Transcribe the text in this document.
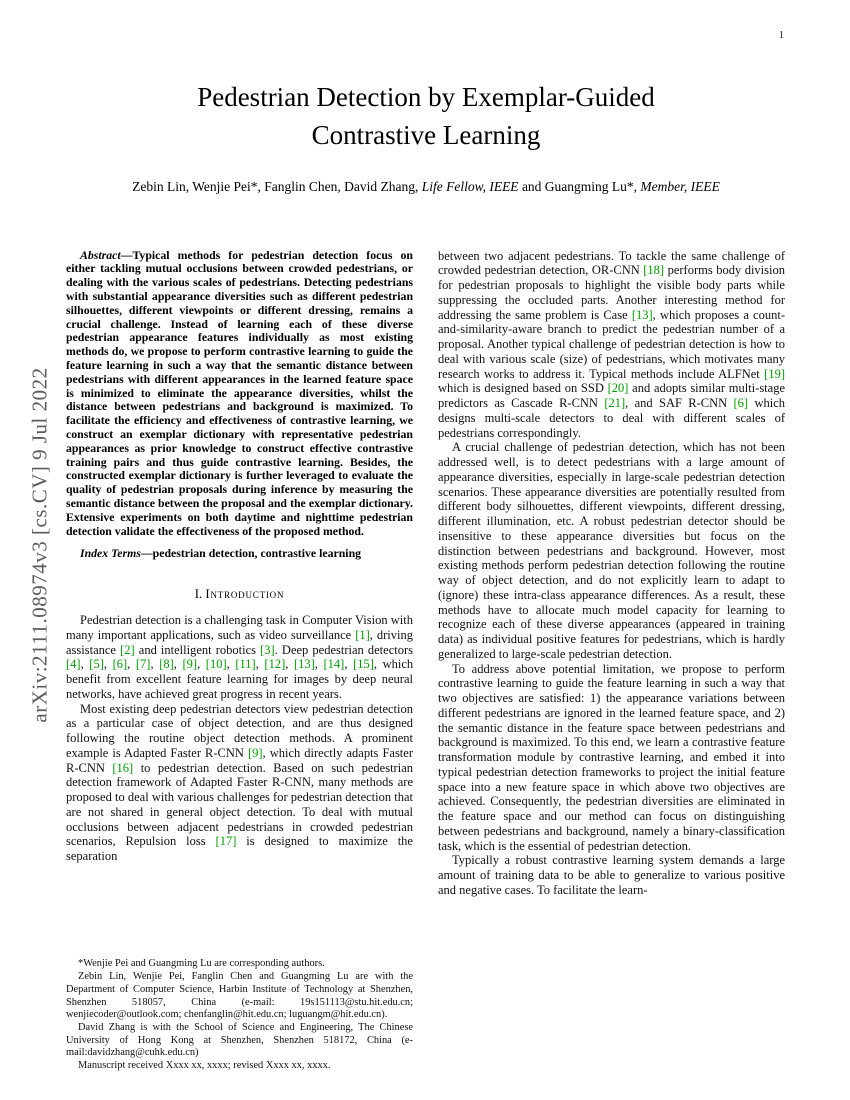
1
arXiv:2111.08974v3 [cs.CV] 9 Jul 2022
Pedestrian Detection by Exemplar-Guided
Contrastive Learning
Zebin Lin, Wenjie Pei*, Fanglin Chen, David Zhang, Life Fellow, IEEE and Guangming Lu*, Member, IEEE

Abstract—Typical methods for pedestrian detection focus on either tackling mutual occlusions between crowded pedestrians, or dealing with the various scales of pedestrians. Detecting pedestrians with substantial appearance diversities such as different pedestrian silhouettes, different viewpoints or different dressing, remains a crucial challenge. Instead of learning each of these diverse pedestrian appearance features individually as most existing methods do, we propose to perform contrastive learning to guide the feature learning in such a way that the semantic distance between pedestrians with different appearances in the learned feature space is minimized to eliminate the appearance diversities, whilst the distance between pedestrians and background is maximized. To facilitate the efficiency and effectiveness of contrastive learning, we construct an exemplar dictionary with representative pedestrian appearances as prior knowledge to construct effective contrastive training pairs and thus guide contrastive learning. Besides, the constructed exemplar dictionary is further leveraged to evaluate the quality of pedestrian proposals during inference by measuring the semantic distance between the proposal and the exemplar dictionary. Extensive experiments on both daytime and nighttime pedestrian detection validate the effectiveness of the proposed method.

Index Terms—pedestrian detection, contrastive learning

I. Introduction

Pedestrian detection is a challenging task in Computer Vision with many important applications, such as video surveillance [1], driving assistance [2] and intelligent robotics [3]. Deep pedestrian detectors [4], [5], [6], [7], [8], [9], [10], [11], [12], [13], [14], [15], which benefit from excellent feature learning for images by deep neural networks, have achieved great progress in recent years.

Most existing deep pedestrian detectors view pedestrian detection as a particular case of object detection, and are thus designed following the routine object detection methods. A prominent example is Adapted Faster R-CNN [9], which directly adapts Faster R-CNN [16] to pedestrian detection. Based on such pedestrian detection framework of Adapted Faster R-CNN, many methods are proposed to deal with various challenges for pedestrian detection that are not shared in general object detection. To deal with mutual occlusions between adjacent pedestrians in crowded pedestrian scenarios, Repulsion loss [17] is designed to maximize the separation

*Wenjie Pei and Guangming Lu are corresponding authors.

Zebin Lin, Wenjie Pei, Fanglin Chen and Guangming Lu are with the Department of Computer Science, Harbin Institute of Technology at Shenzhen, Shenzhen 518057, China (e-mail: 19s151113@stu.hit.edu.cn; wenjiecoder@outlook.com; chenfanglin@hit.edu.cn; luguangm@hit.edu.cn).

David Zhang is with the School of Science and Engineering, The Chinese University of Hong Kong at Shenzhen, Shenzhen 518172, China (e-mail:davidzhang@cuhk.edu.cn)

Manuscript received Xxxx xx, xxxx; revised Xxxx xx, xxxx.

between two adjacent pedestrians. To tackle the same challenge of crowded pedestrian detection, OR-CNN [18] performs body division for pedestrian proposals to highlight the visible body parts while suppressing the occluded parts. Another interesting method for addressing the same problem is Case [13], which proposes a count-and-similarity-aware branch to predict the pedestrian number of a proposal. Another typical challenge of pedestrian detection is how to deal with various scale (size) of pedestrians, which motivates many research works to address it. Typical methods include ALFNet [19] which is designed based on SSD [20] and adopts similar multi-stage predictors as Cascade R-CNN [21], and SAF R-CNN [6] which designs multi-scale detectors to deal with different scales of pedestrians correspondingly.

A crucial challenge of pedestrian detection, which has not been addressed well, is to detect pedestrians with a large amount of appearance diversities, especially in large-scale pedestrian detection scenarios. These appearance diversities are potentially resulted from different body silhouettes, different viewpoints, different dressing, different illumination, etc. A robust pedestrian detector should be insensitive to these appearance diversities but focus on the distinction between pedestrians and background. However, most existing methods perform pedestrian detection following the routine way of object detection, and do not explicitly learn to adapt to (ignore) these intra-class appearance differences. As a result, these methods have to allocate much model capacity for learning to recognize each of these diverse appearances (appeared in training data) as individual positive features for pedestrians, which is hardly generalized to large-scale pedestrian detection.

To address above potential limitation, we propose to perform contrastive learning to guide the feature learning in such a way that two objectives are satisfied: 1) the appearance variations between different pedestrians are ignored in the learned feature space, and 2) the semantic distance in the feature space between pedestrians and background is maximized. To this end, we learn a contrastive feature transformation module by contrastive learning, and embed it into typical pedestrian detection frameworks to project the initial feature space into a new feature space in which above two objectives are achieved. Consequently, the pedestrian diversities are eliminated in the feature space and our method can focus on distinguishing between pedestrians and background, namely a binary-classification task, which is the essential of pedestrian detection.

Typically a robust contrastive learning system demands a large amount of training data to be able to generalize to various positive and negative cases. To facilitate the learn-
